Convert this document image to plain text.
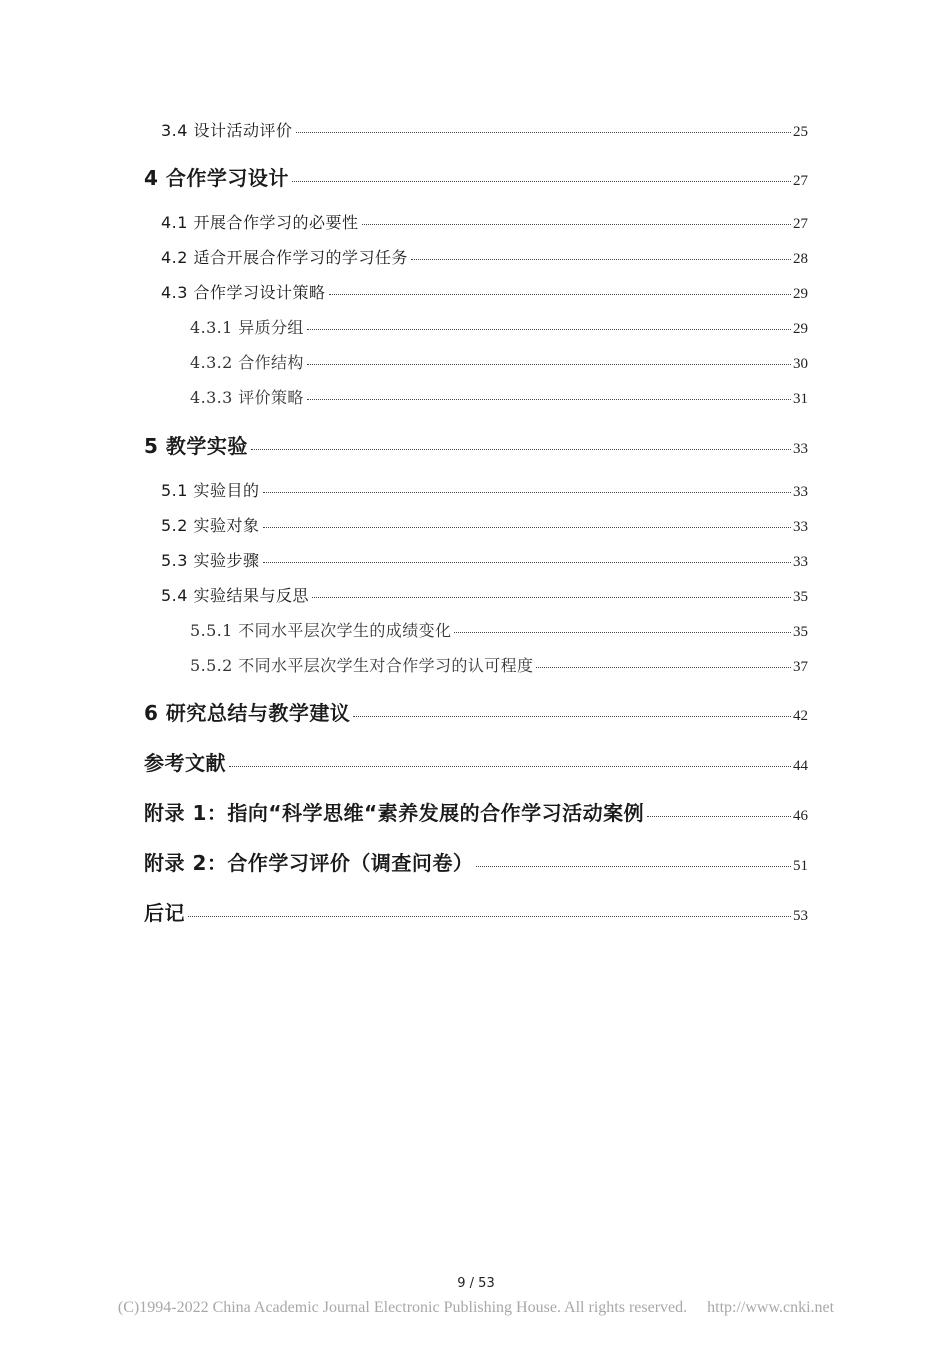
3.4 设计活动评价	25
4 合作学习设计	27
4.1 开展合作学习的必要性	27
4.2 适合开展合作学习的学习任务	28
4.3 合作学习设计策略	29
4.3.1 异质分组	29
4.3.2 合作结构	30
4.3.3 评价策略	31
5 教学实验	33
5.1 实验目的	33
5.2 实验对象	33
5.3 实验步骤	33
5.4 实验结果与反思	35
5.5.1 不同水平层次学生的成绩变化	35
5.5.2 不同水平层次学生对合作学习的认可程度	37
6 研究总结与教学建议	42
参考文献	44
附录 1：指向“科学思维“素养发展的合作学习活动案例	46
附录 2：合作学习评价（调查问卷）	51
后记	53
9 / 53
(C)1994-2022 China Academic Journal Electronic Publishing House. All rights reserved. http://www.cnki.net
